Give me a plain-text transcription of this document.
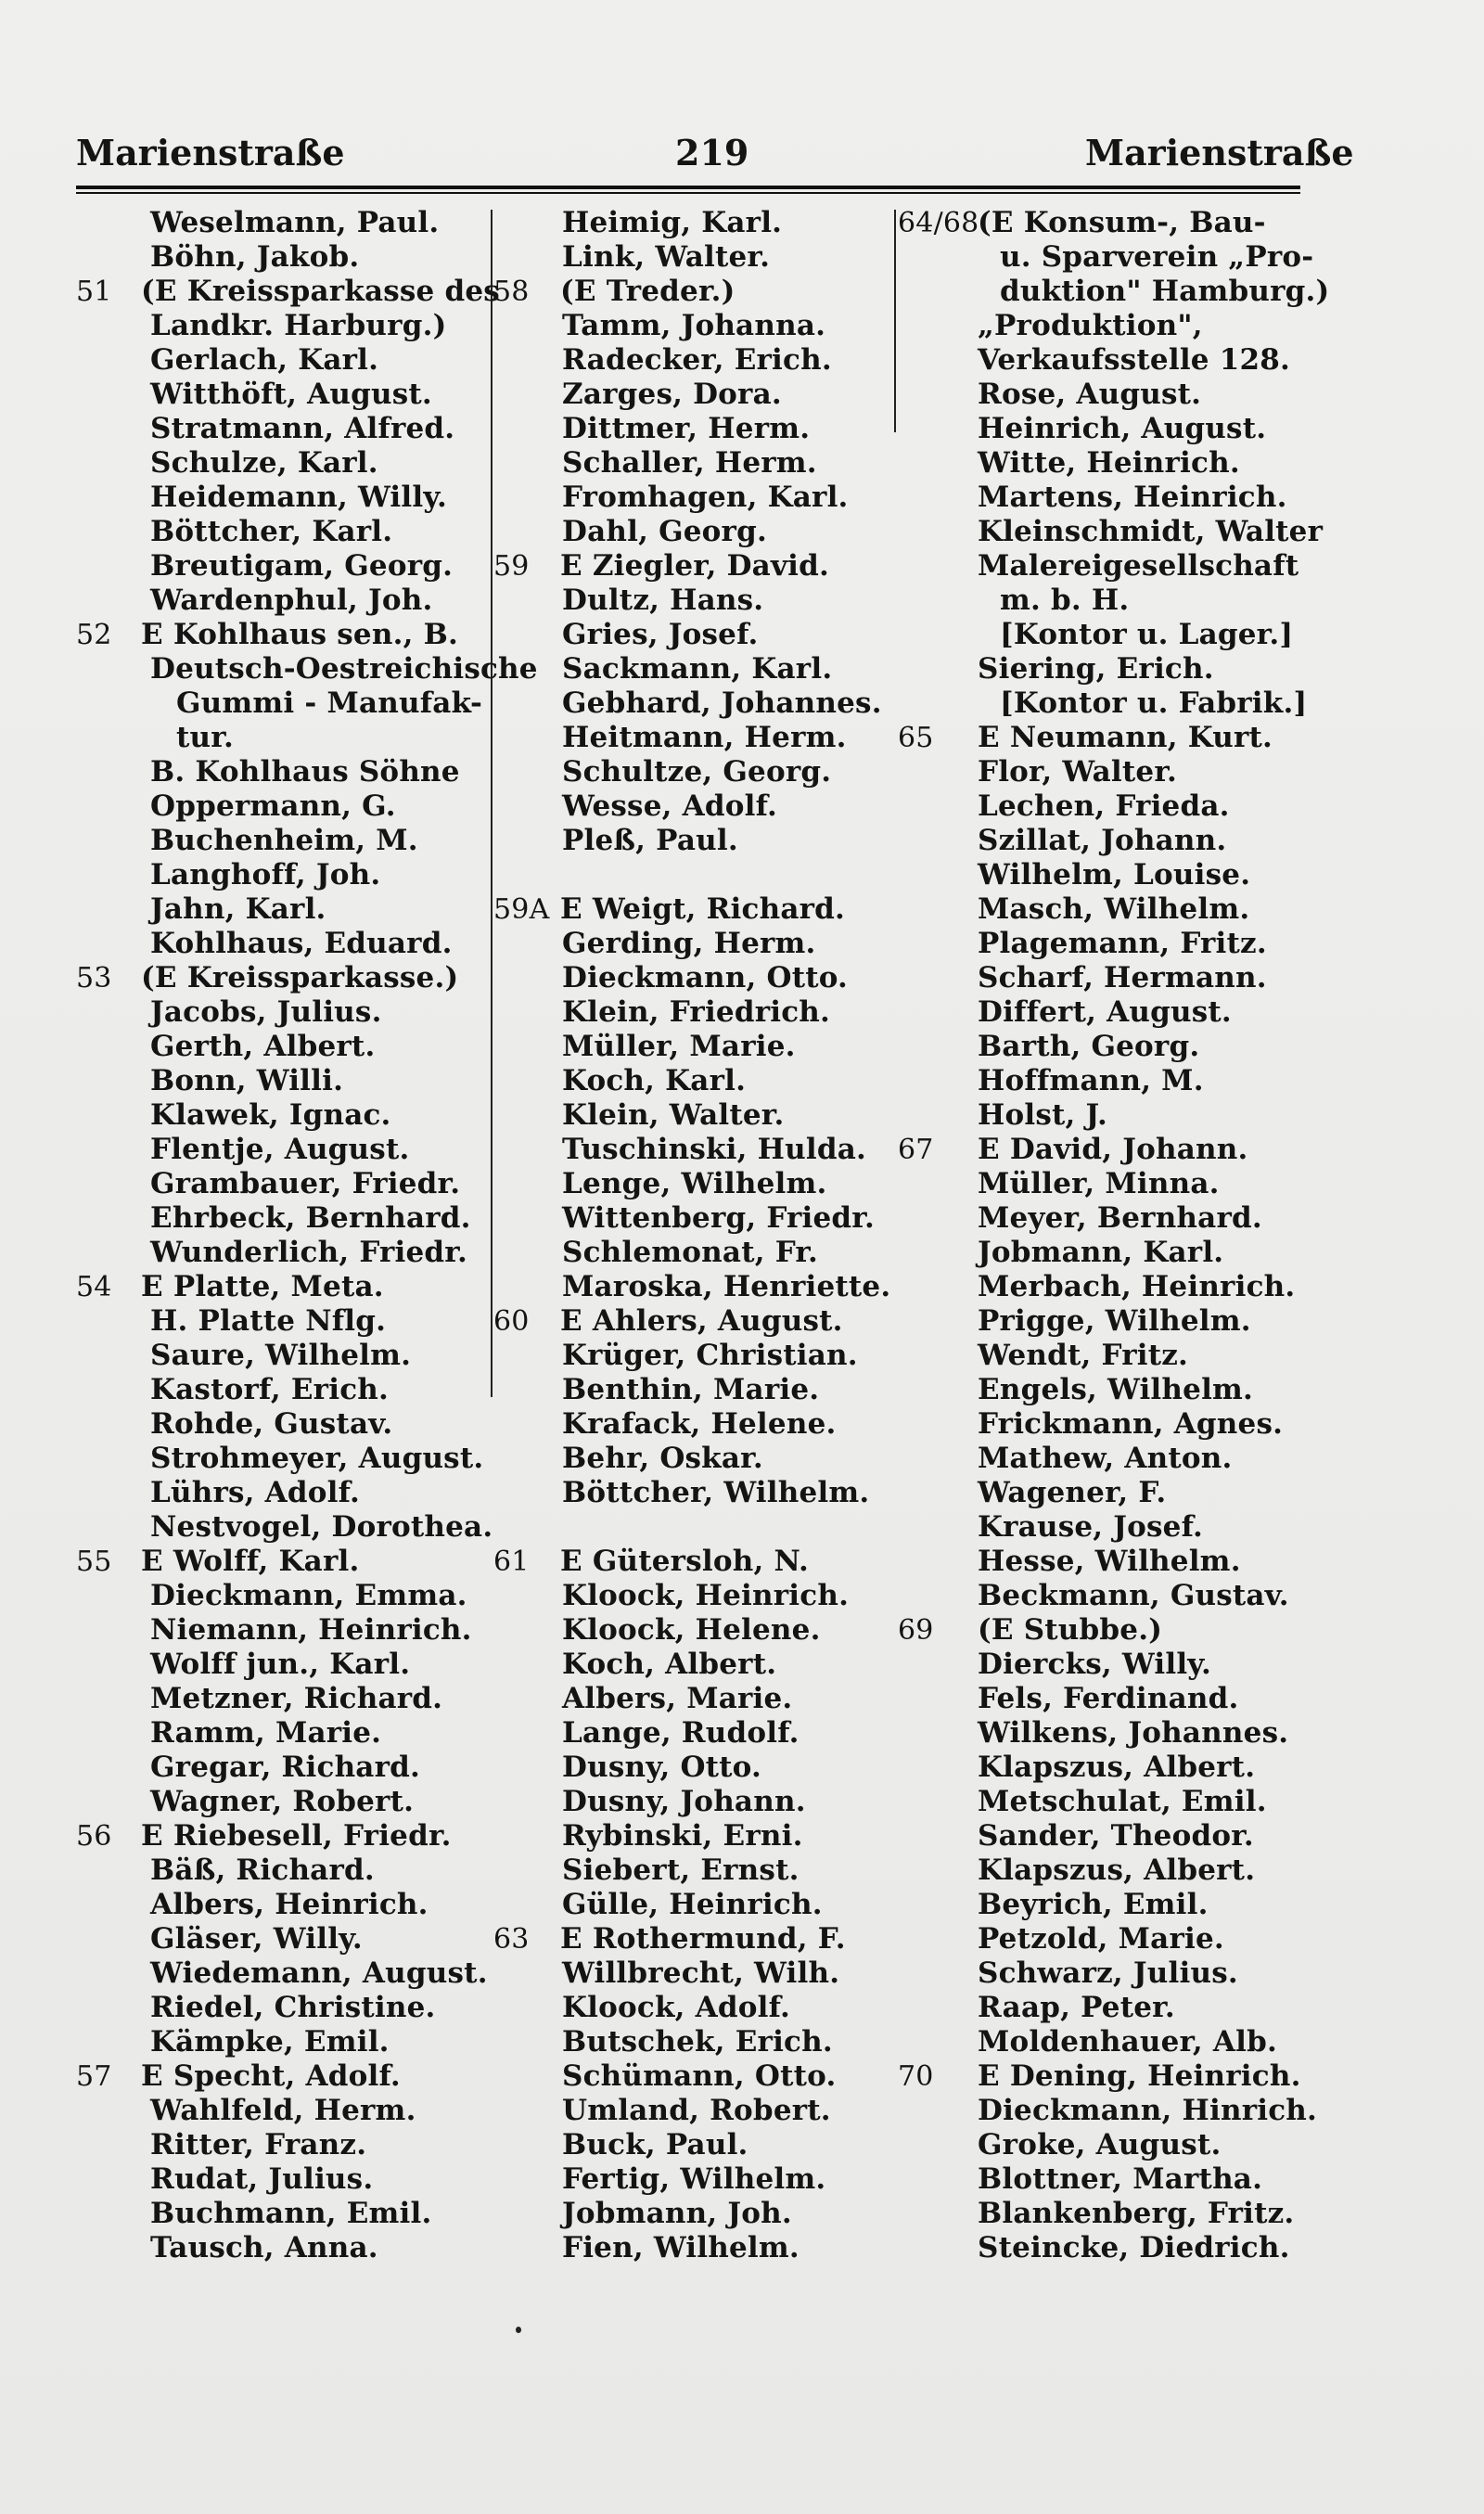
Marienstraße	219	Marienstraße
Weselmann, Paul.
Böhn, Jakob.
51 (E Kreissparkasse des
Landkr. Harburg.)
Gerlach, Karl.
Witthöft, August.
Stratmann, Alfred.
Schulze, Karl.
Heidemann, Willy.
Böttcher, Karl.
Breutigam, Georg.
Wardenphul, Joh.
52 E Kohlhaus sen., B.
Deutsch-Oestreichische
Gummi - Manufak-
tur.
B. Kohlhaus Söhne
Oppermann, G.
Buchenheim, M.
Langhoff, Joh.
Jahn, Karl.
Kohlhaus, Eduard.
53 (E Kreissparkasse.)
Jacobs, Julius.
Gerth, Albert.
Bonn, Willi.
Klawek, Ignac.
Flentje, August.
Grambauer, Friedr.
Ehrbeck, Bernhard.
Wunderlich, Friedr.
54 E Platte, Meta.
H. Platte Nflg.
Saure, Wilhelm.
Kastorf, Erich.
Rohde, Gustav.
Strohmeyer, August.
Lührs, Adolf.
Nestvogel, Dorothea.
55 E Wolff, Karl.
Dieckmann, Emma.
Niemann, Heinrich.
Wolff jun., Karl.
Metzner, Richard.
Ramm, Marie.
Gregar, Richard.
Wagner, Robert.
56 E Riebesell, Friedr.
Bäß, Richard.
Albers, Heinrich.
Gläser, Willy.
Wiedemann, August.
Riedel, Christine.
Kämpke, Emil.
57 E Specht, Adolf.
Wahlfeld, Herm.
Ritter, Franz.
Rudat, Julius.
Buchmann, Emil.
Tausch, Anna.
Heimig, Karl.
Link, Walter.
58 (E Treder.)
Tamm, Johanna.
Radecker, Erich.
Zarges, Dora.
Dittmer, Herm.
Schaller, Herm.
Fromhagen, Karl.
Dahl, Georg.
59 E Ziegler, David.
Dultz, Hans.
Gries, Josef.
Sackmann, Karl.
Gebhard, Johannes.
Heitmann, Herm.
Schultze, Georg.
Wesse, Adolf.
Pleß, Paul.
59A E Weigt, Richard.
Gerding, Herm.
Dieckmann, Otto.
Klein, Friedrich.
Müller, Marie.
Koch, Karl.
Klein, Walter.
Tuschinski, Hulda.
Lenge, Wilhelm.
Wittenberg, Friedr.
Schlemonat, Fr.
Maroska, Henriette.
60 E Ahlers, August.
Krüger, Christian.
Benthin, Marie.
Krafack, Helene.
Behr, Oskar.
Böttcher, Wilhelm.
61 E Gütersloh, N.
Kloock, Heinrich.
Kloock, Helene.
Koch, Albert.
Albers, Marie.
Lange, Rudolf.
Dusny, Otto.
Dusny, Johann.
Rybinski, Erni.
Siebert, Ernst.
Gülle, Heinrich.
63 E Rothermund, F.
Willbrecht, Wilh.
Kloock, Adolf.
Butschek, Erich.
Schümann, Otto.
Umland, Robert.
Buck, Paul.
Fertig, Wilhelm.
Jobmann, Joh.
Fien, Wilhelm.
64/68
(E Konsum-, Bau-
u. Sparverein „Pro-
duktion" Hamburg.)
„Produktion",
Verkaufsstelle 128.
Rose, August.
Heinrich, August.
Witte, Heinrich.
Martens, Heinrich.
Kleinschmidt, Walter
Malereigesellschaft
m. b. H.
[Kontor u. Lager.]
Siering, Erich.
[Kontor u. Fabrik.]
65 E Neumann, Kurt.
Flor, Walter.
Lechen, Frieda.
Szillat, Johann.
Wilhelm, Louise.
Masch, Wilhelm.
Plagemann, Fritz.
Scharf, Hermann.
Differt, August.
Barth, Georg.
Hoffmann, M.
Holst, J.
67 E David, Johann.
Müller, Minna.
Meyer, Bernhard.
Jobmann, Karl.
Merbach, Heinrich.
Prigge, Wilhelm.
Wendt, Fritz.
Engels, Wilhelm.
Frickmann, Agnes.
Mathew, Anton.
Wagener, F.
Krause, Josef.
Hesse, Wilhelm.
Beckmann, Gustav.
69 (E Stubbe.)
Diercks, Willy.
Fels, Ferdinand.
Wilkens, Johannes.
Klapszus, Albert.
Metschulat, Emil.
Sander, Theodor.
Klapszus, Albert.
Beyrich, Emil.
Petzold, Marie.
Schwarz, Julius.
Raap, Peter.
Moldenhauer, Alb.
70 E Dening, Heinrich.
Dieckmann, Hinrich.
Groke, August.
Blottner, Martha.
Blankenberg, Fritz.
Steincke, Diedrich.
